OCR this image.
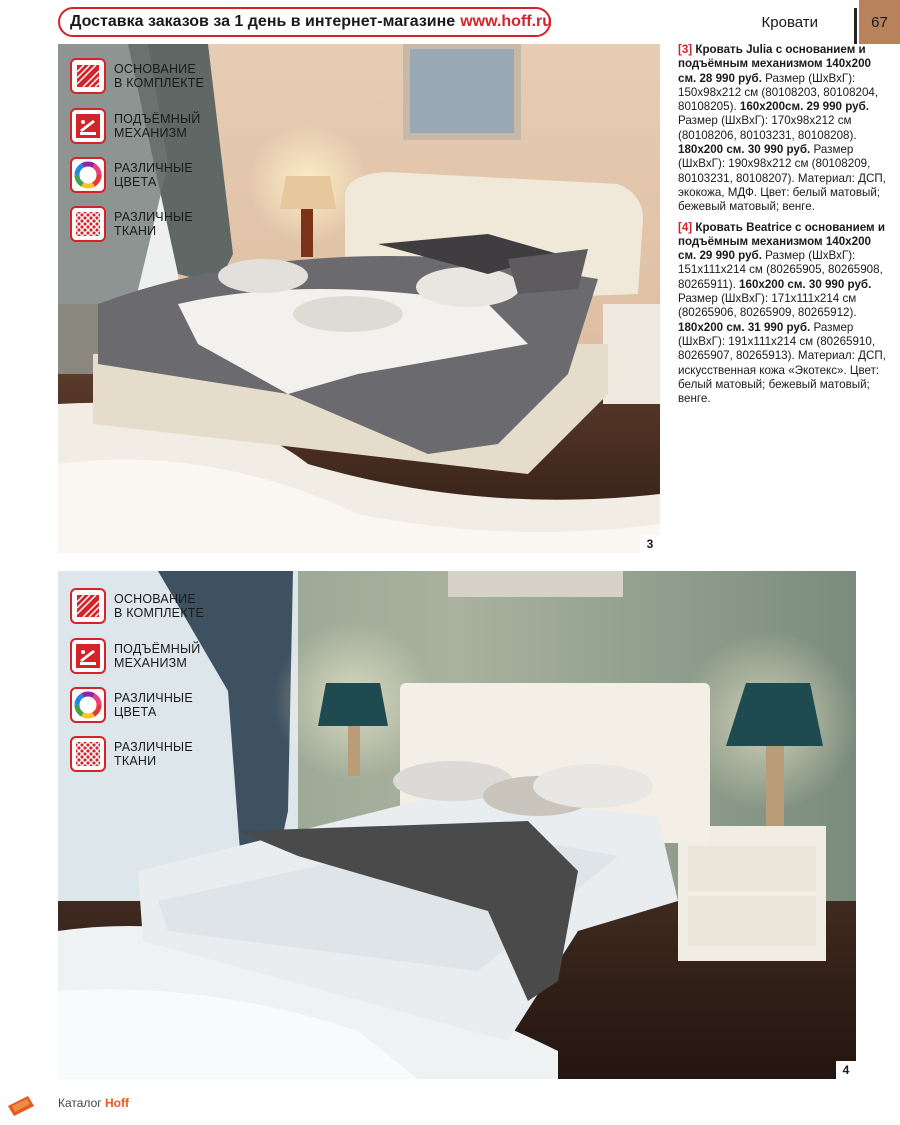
Доставка заказов за 1 день в интернет-магазине www.hoff.ru	Кровати	67
3
4
ОСНОВАНИЕ
В КОМПЛЕКТЕ
ПОДЪЁМНЫЙ
МЕХАНИЗМ
РАЗЛИЧНЫЕ
ЦВЕТА
РАЗЛИЧНЫЕ
ТКАНИ
ОСНОВАНИЕ
В КОМПЛЕКТЕ
ПОДЪЁМНЫЙ
МЕХАНИЗМ
РАЗЛИЧНЫЕ
ЦВЕТА
РАЗЛИЧНЫЕ
ТКАНИ
[3] Кровать Julia с основанием и подъёмным механизмом 140х200 см. 28 990 руб. Размер (ШхВхГ): 150х98х212 см (80108203, 80108204, 80108205). 160х200см. 29 990 руб. Размер (ШхВхГ): 170х98х212 см (80108206, 80103231, 80108208). 180х200 см. 30 990 руб. Размер (ШхВхГ): 190х98х212 см (80108209, 80103231, 80108207). Материал: ДСП, экокожа, МДФ. Цвет: белый матовый; бежевый матовый; венге.
[4] Кровать Beatrice с основанием и подъёмным механизмом 140х200 см. 29 990 руб. Размер (ШхВхГ): 151х111х214 см (80265905, 80265908, 80265911). 160х200 см. 30 990 руб. Размер (ШхВхГ): 171х111х214 см (80265906, 80265909, 80265912). 180х200 см. 31 990 руб. Размер (ШхВхГ): 191х111х214 см (80265910, 80265907, 80265913). Материал: ДСП, искусственная кожа «Экотекс». Цвет: белый матовый; бежевый матовый; венге.
Каталог Hoff
